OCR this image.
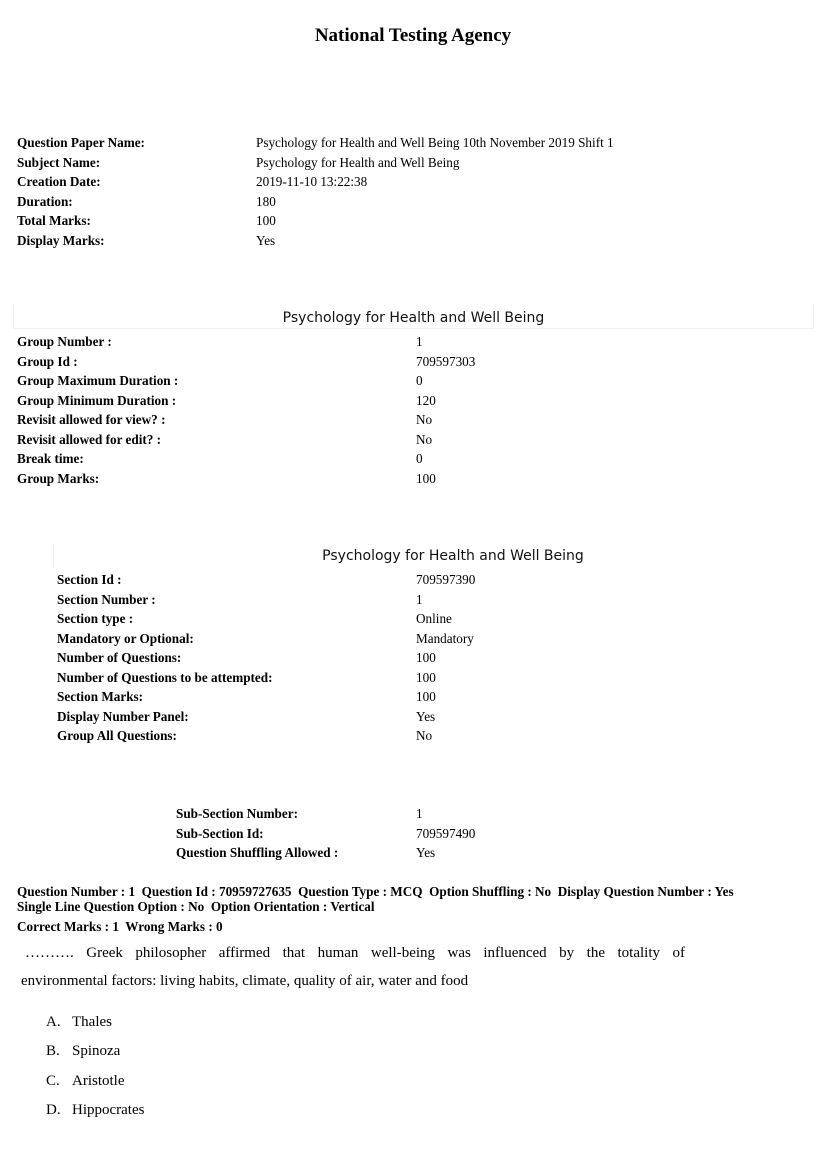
National Testing Agency
Question Paper Name:	Psychology for Health and Well Being 10th November 2019 Shift 1
Subject Name:	Psychology for Health and Well Being
Creation Date:	2019-11-10 13:22:38
Duration:	180
Total Marks:	100
Display Marks:	Yes
Psychology for Health and Well Being
Group Number :	1
Group Id :	709597303
Group Maximum Duration :	0
Group Minimum Duration :	120
Revisit allowed for view? :	No
Revisit allowed for edit? :	No
Break time:	0
Group Marks:	100
Psychology for Health and Well Being
Section Id :	709597390
Section Number :	1
Section type :	Online
Mandatory or Optional:	Mandatory
Number of Questions:	100
Number of Questions to be attempted:	100
Section Marks:	100
Display Number Panel:	Yes
Group All Questions:	No
Sub-Section Number:	1
Sub-Section Id:	709597490
Question Shuffling Allowed :	Yes
Question Number : 1  Question Id : 70959727635  Question Type : MCQ  Option Shuffling : No  Display Question Number : Yes
Single Line Question Option : No  Option Orientation : Vertical
Correct Marks : 1  Wrong Marks : 0
………. Greek philosopher affirmed that human well-being was influenced by the totality of
environmental factors: living habits, climate, quality of air, water and food
A. Thales
B. Spinoza
C. Aristotle
D. Hippocrates
